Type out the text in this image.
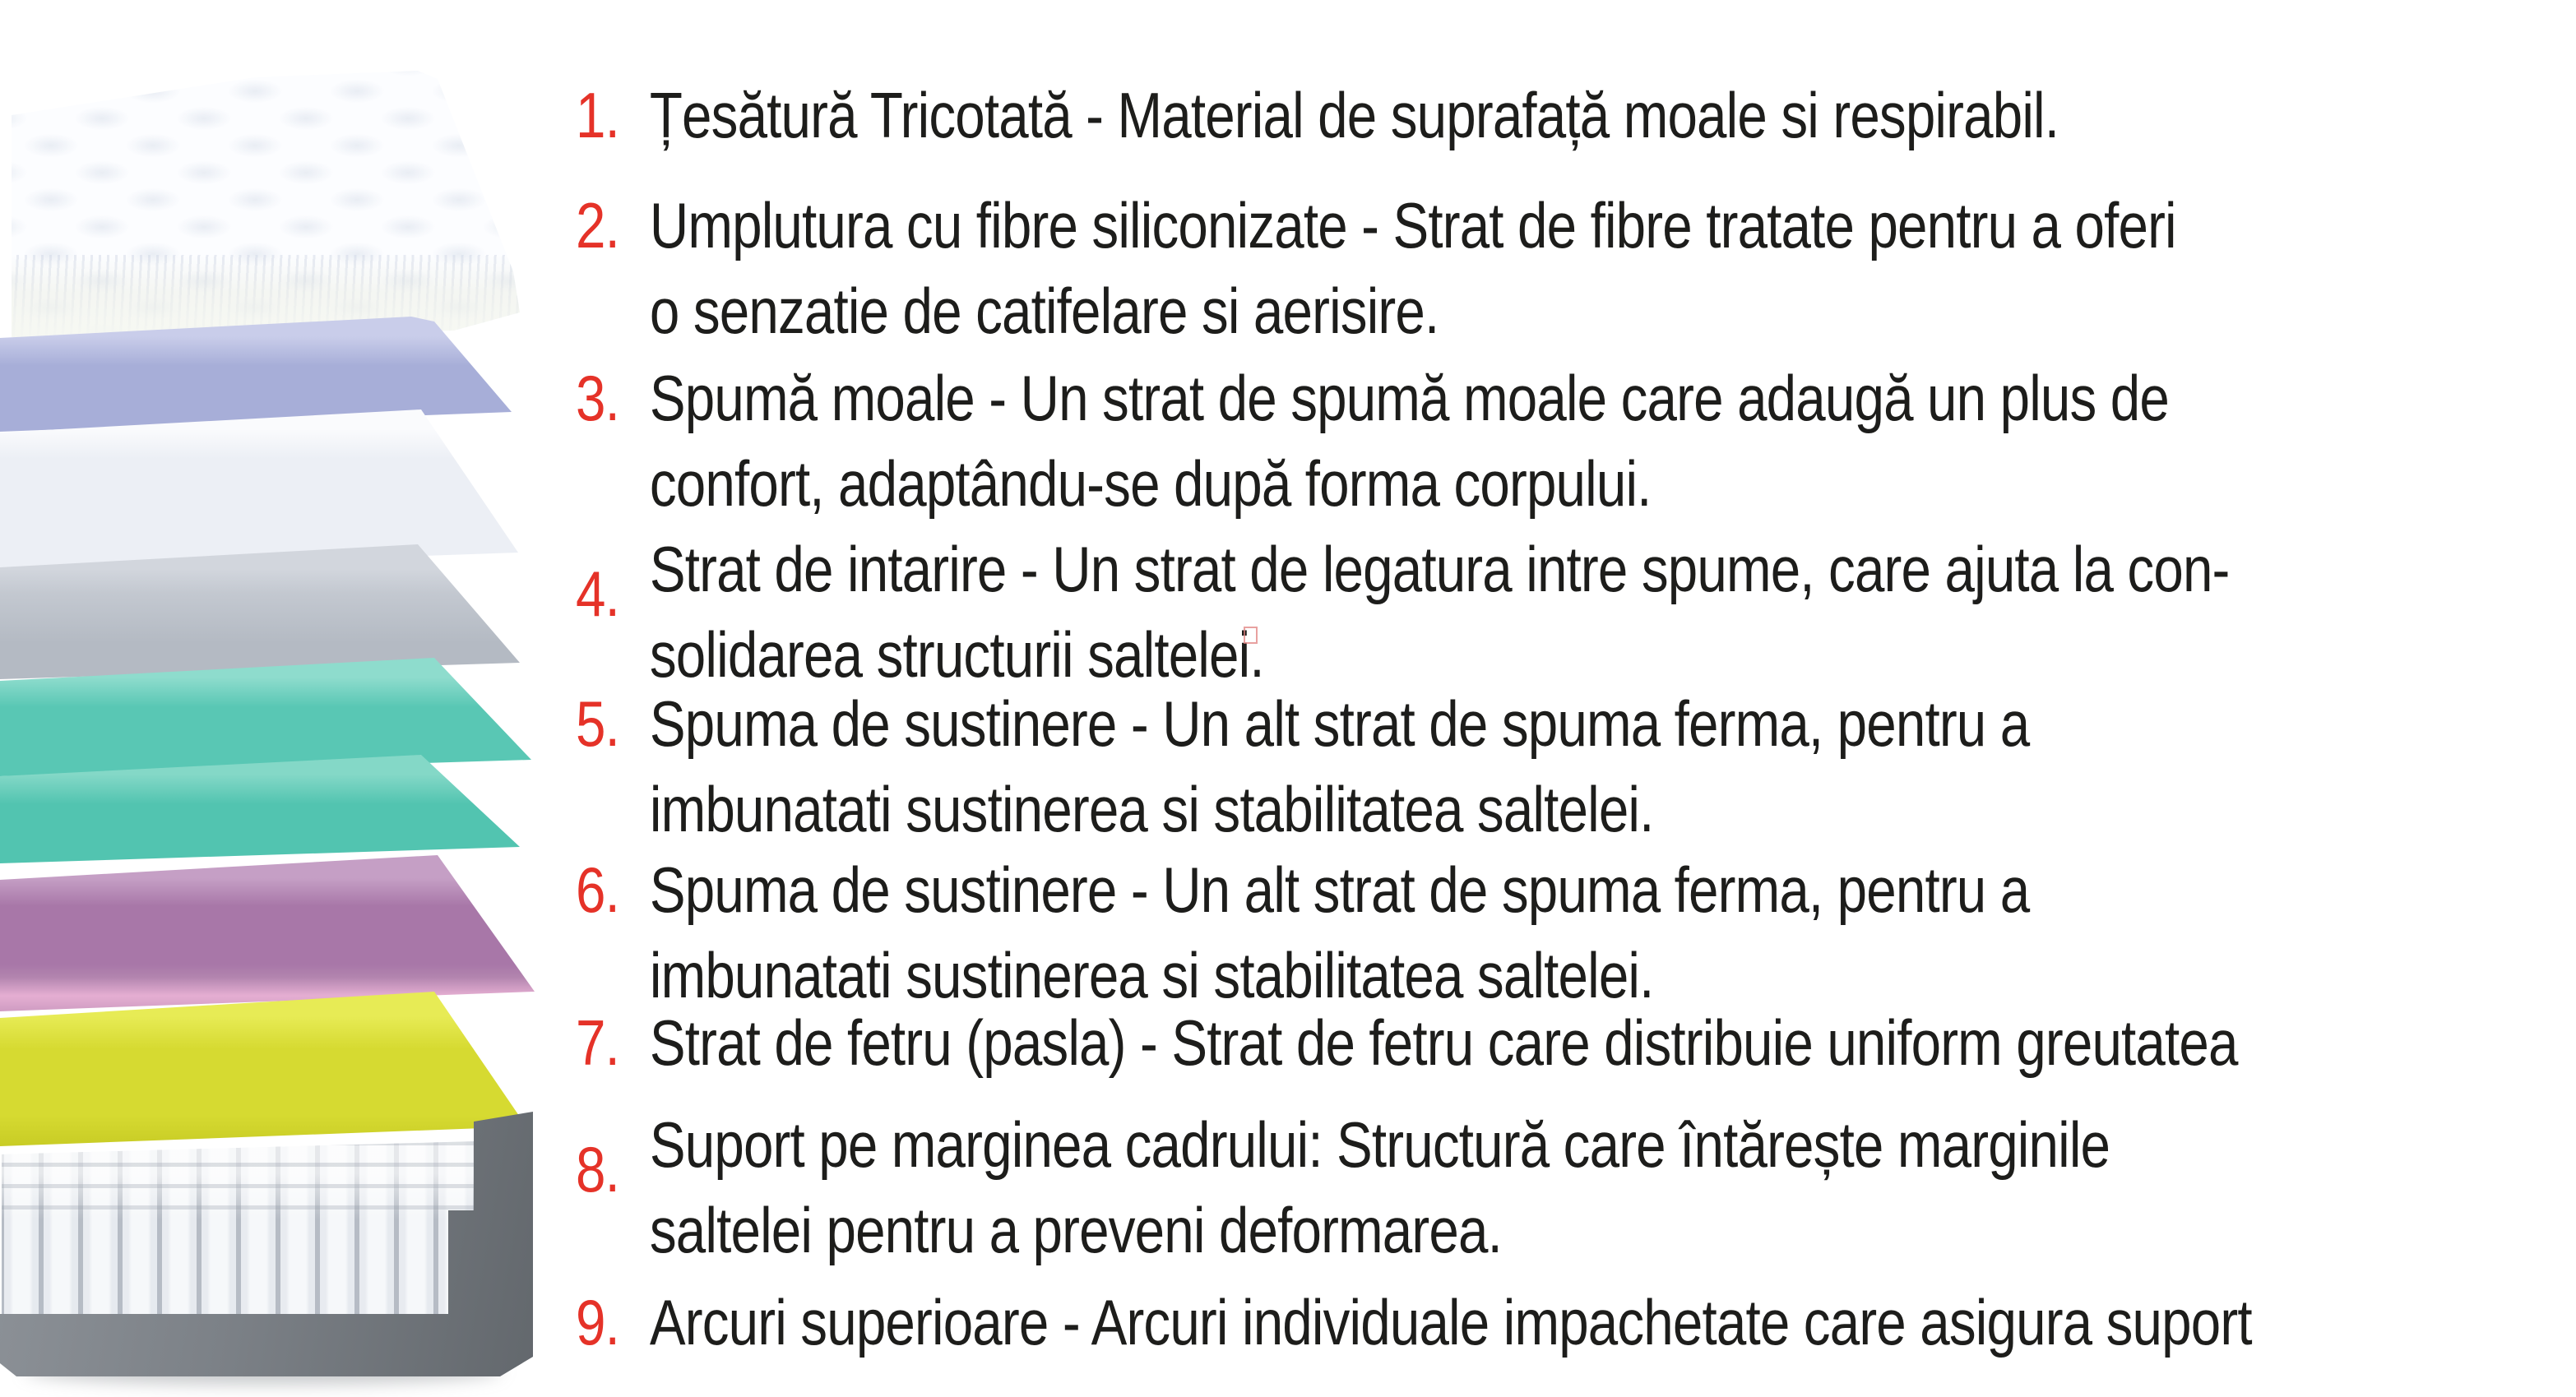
1. Țesătură Tricotată - Material de suprafață moale si respirabil.
2. Umplutura cu fibre siliconizate - Strat de fibre tratate pentru a oferi
o senzatie de catifelare si aerisire.
3. Spumă moale - Un strat de spumă moale care adaugă un plus de
confort, adaptându-se după forma corpului.
4. Strat de intarire - Un strat de legatura intre spume, care ajuta la con-
solidarea structurii saltelei.
5. Spuma de sustinere - Un alt strat de spuma ferma, pentru a
imbunatati sustinerea si stabilitatea saltelei.
6. Spuma de sustinere - Un alt strat de spuma ferma, pentru a
imbunatati sustinerea si stabilitatea saltelei.
7. Strat de fetru (pasla) - Strat de fetru care distribuie uniform greutatea
8. Suport pe marginea cadrului: Structură care întărește marginile
saltelei pentru a preveni deformarea.
9. Arcuri superioare - Arcuri individuale impachetate care asigura suport
